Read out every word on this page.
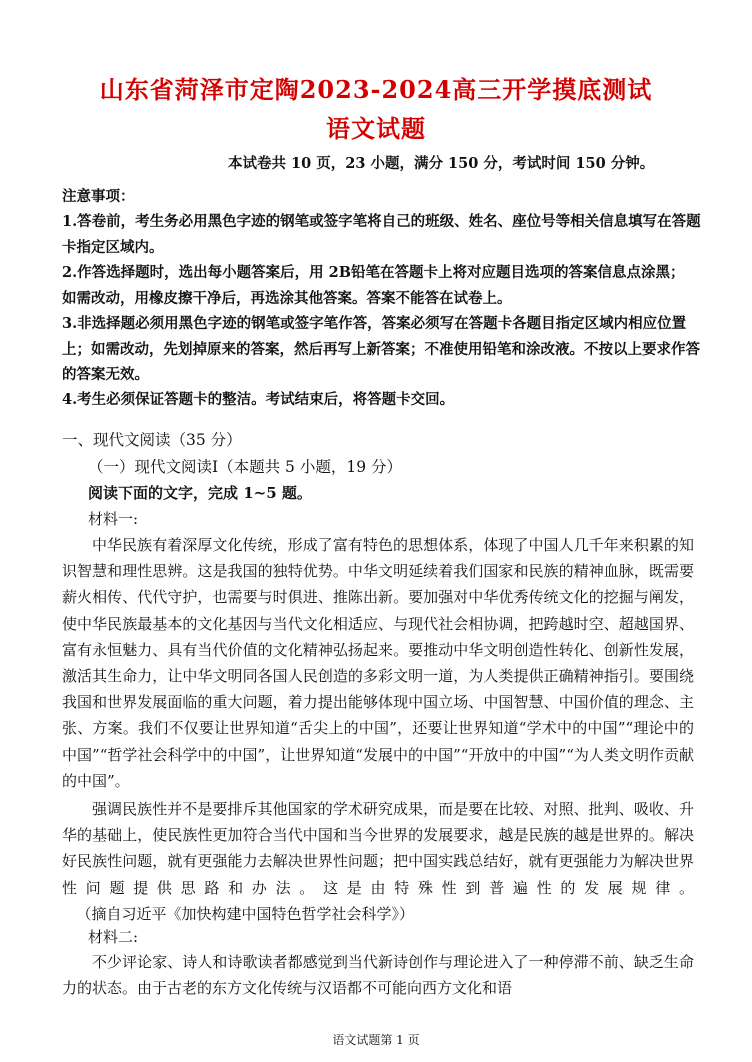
山东省菏泽市定陶2023-2024高三开学摸底测试
语文试题
本试卷共 10 页，23 小题，满分 150 分，考试时间 150 分钟。
注意事项：
1.答卷前，考生务必用黑色字迹的钢笔或签字笔将自己的班级、姓名、座位号等相关信息填写在答题卡指定区域内。
2.作答选择题时，选出每小题答案后，用 2B铅笔在答题卡上将对应题目选项的答案信息点涂黑； 如需改动，用橡皮擦干净后，再选涂其他答案。答案不能答在试卷上。
3.非选择题必须用黑色字迹的钢笔或签字笔作答，答案必须写在答题卡各题目指定区域内相应位置上；如需改动，先划掉原来的答案，然后再写上新答案；不准使用铅笔和涂改液。不按以上要求作答的答案无效。
4.考生必须保证答题卡的整洁。考试结束后，将答题卡交回。
一、现代文阅读（35 分）
（一）现代文阅读Ⅰ（本题共 5 小题，19 分）
阅读下面的文字，完成 1~5 题。
材料一:
中华民族有着深厚文化传统，形成了富有特色的思想体系，体现了中国人几千年来积累的知识智慧和理性思辨。这是我国的独特优势。中华文明延续着我们国家和民族的精神血脉，既需要薪火相传、代代守护，也需要与时俱进、推陈出新。要加强对中华优秀传统文化的挖掘与阐发，使中华民族最基本的文化基因与当代文化相适应、与现代社会相协调，把跨越时空、超越国界、富有永恒魅力、具有当代价值的文化精神弘扬起来。要推动中华文明创造性转化、创新性发展，激活其生命力，让中华文明同各国人民创造的多彩文明一道，为人类提供正确精神指引。要围绕我国和世界发展面临的重大问题，着力提出能够体现中国立场、中国智慧、中国价值的理念、主张、方案。我们不仅要让世界知道“舌尖上的中国”，还要让世界知道“学术中的中国”“理论中的中国”“哲学社会科学中的中国”，让世界知道“发展中的中国”“开放中的中国”“为人类文明作贡献的中国”。
强调民族性并不是要排斥其他国家的学术研究成果，而是要在比较、对照、批判、吸收、升华的基础上，使民族性更加符合当代中国和当今世界的发展要求，越是民族的越是世界的。解决好民族性问题，就有更强能力去解决世界性问题；把中国实践总结好，就有更强能力为解决世界性问题提供思路和办法。这是由特殊性到普遍性的发展规律。（摘自习近平《加快构建中国特色哲学社会科学》）
材料二:
不少评论家、诗人和诗歌读者都感觉到当代新诗创作与理论进入了一种停滞不前、缺乏生命力的状态。由于古老的东方文化传统与汉语都不可能向西方文化和语
语文试题第 1 页
